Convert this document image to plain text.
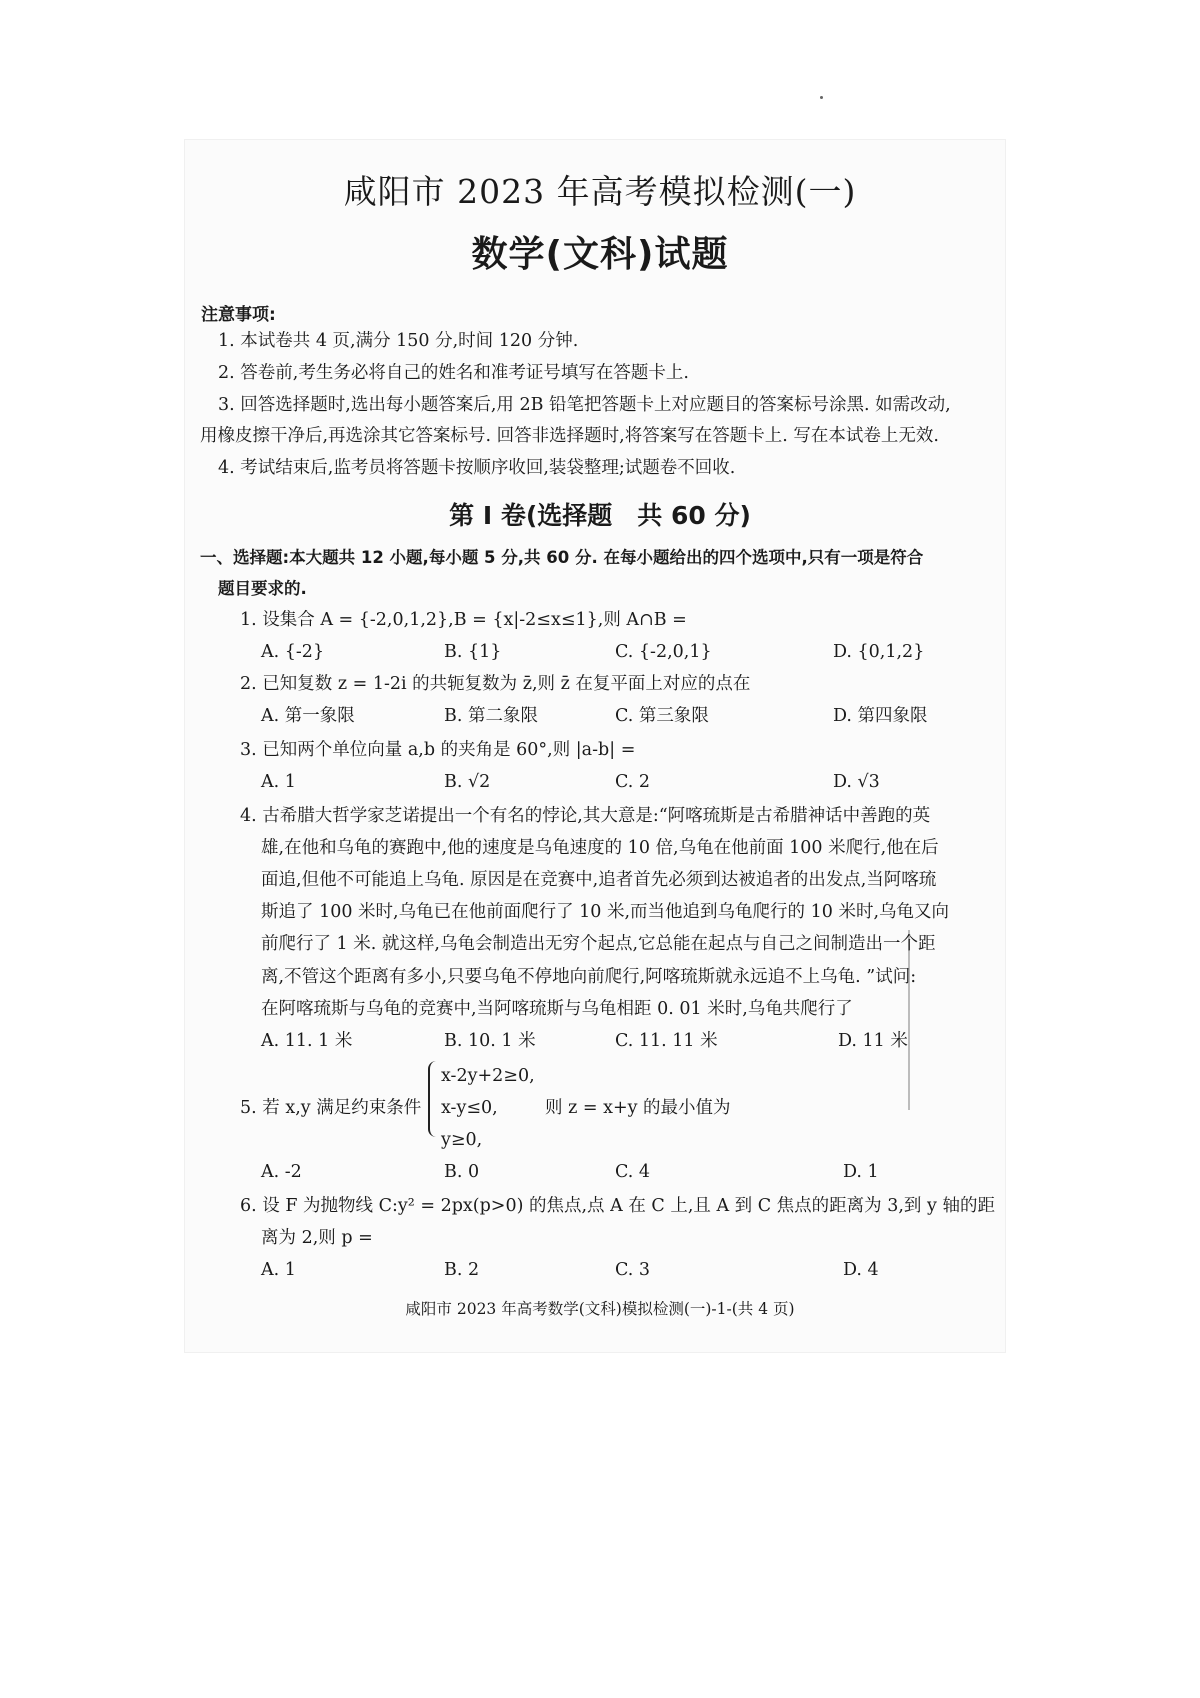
咸阳市 2023 年高考模拟检测(一)
数学(文科)试题
注意事项:
1. 本试卷共 4 页,满分 150 分,时间 120 分钟.
2. 答卷前,考生务必将自己的姓名和准考证号填写在答题卡上.
3. 回答选择题时,选出每小题答案后,用 2B 铅笔把答题卡上对应题目的答案标号涂黑. 如需改动,
用橡皮擦干净后,再选涂其它答案标号. 回答非选择题时,将答案写在答题卡上. 写在本试卷上无效.
4. 考试结束后,监考员将答题卡按顺序收回,装袋整理;试题卷不回收.
第 Ⅰ 卷(选择题　共 60 分)
一、选择题:本大题共 12 小题,每小题 5 分,共 60 分. 在每小题给出的四个选项中,只有一项是符合
题目要求的.
1. 设集合 A = {-2,0,1,2},B = {x|-2≤x≤1},则 A∩B =
A. {-2}	B. {1}	C. {-2,0,1}	D. {0,1,2}
2. 已知复数 z = 1-2i 的共轭复数为 z̄,则 z̄ 在复平面上对应的点在
A. 第一象限	B. 第二象限	C. 第三象限	D. 第四象限
3. 已知两个单位向量 a,b 的夹角是 60°,则 |a-b| =
A. 1	B. √2	C. 2	D. √3
4. 古希腊大哲学家芝诺提出一个有名的悖论,其大意是:“阿喀琉斯是古希腊神话中善跑的英
雄,在他和乌龟的赛跑中,他的速度是乌龟速度的 10 倍,乌龟在他前面 100 米爬行,他在后
面追,但他不可能追上乌龟. 原因是在竞赛中,追者首先必须到达被追者的出发点,当阿喀琉
斯追了 100 米时,乌龟已在他前面爬行了 10 米,而当他追到乌龟爬行的 10 米时,乌龟又向
前爬行了 1 米. 就这样,乌龟会制造出无穷个起点,它总能在起点与自己之间制造出一个距
离,不管这个距离有多小,只要乌龟不停地向前爬行,阿喀琉斯就永远追不上乌龟. ”试问:
在阿喀琉斯与乌龟的竞赛中,当阿喀琉斯与乌龟相距 0. 01 米时,乌龟共爬行了
A. 11. 1 米	B. 10. 1 米	C. 11. 11 米	D. 11 米
5. 若 x,y 满足约束条件
x-2y+2≥0,
x-y≤0,
y≥0,
则 z = x+y 的最小值为
A. -2	B. 0	C. 4	D. 1
6. 设 F 为抛物线 C:y² = 2px(p>0) 的焦点,点 A 在 C 上,且 A 到 C 焦点的距离为 3,到 y 轴的距
离为 2,则 p =
A. 1	B. 2	C. 3	D. 4
咸阳市 2023 年高考数学(文科)模拟检测(一)-1-(共 4 页)
